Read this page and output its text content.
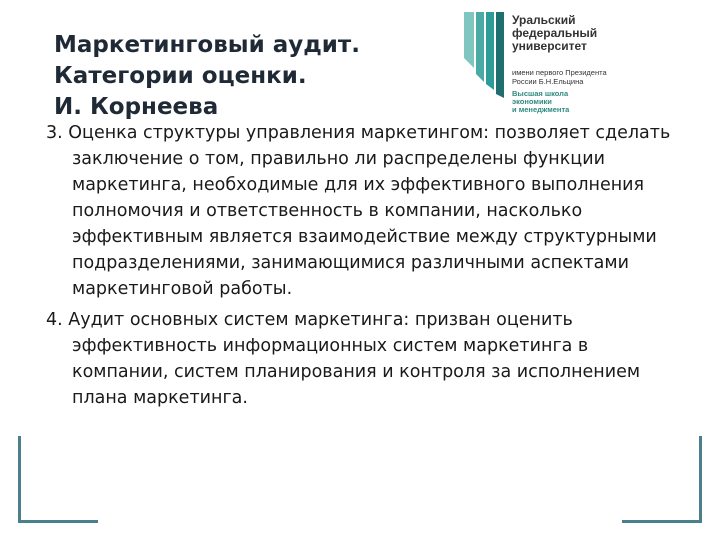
Маркетинговый аудит.
Категории оценки.
И. Корнеева
Уральский
федеральный
университет
имени первого Президента
России Б.Н.Ельцина
Высшая школа
экономики
и менеджмента

3. Оценка структуры управления маркетингом: позволяет сделать заключение о том, правильно ли распределены функции маркетинга, необходимые для их эффективного выполнения полномочия и ответственность в компании, насколько эффективным является взаимодействие между структурными подразделениями, занимающимися различными аспектами маркетинговой работы.

4. Аудит основных систем маркетинга: призван оценить эффективность информационных систем маркетинга в компании, систем планирования и контроля за исполнением плана маркетинга.
